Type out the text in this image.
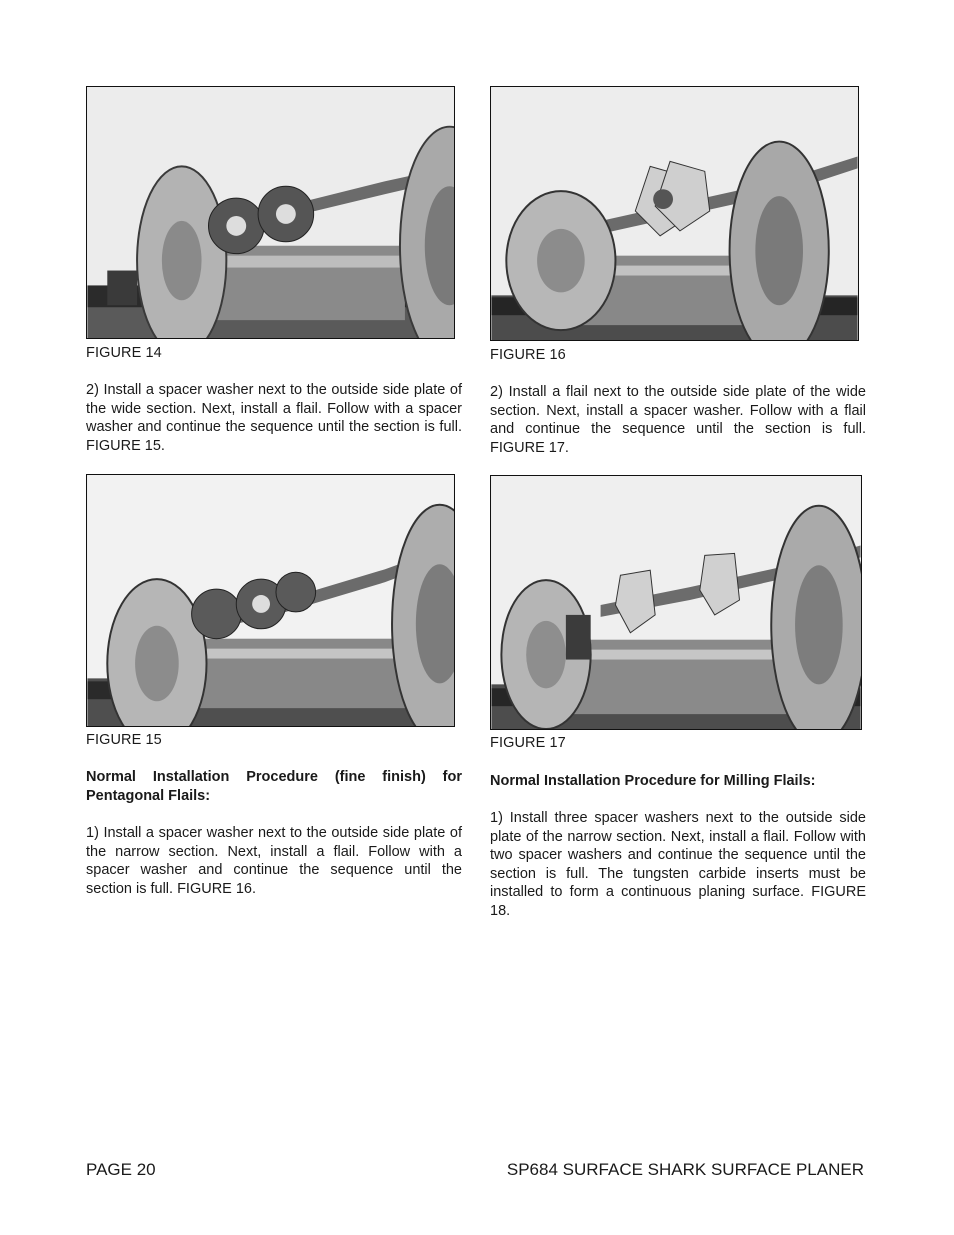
FIGURE 14

2) Install a spacer washer next to the outside side plate of the wide section. Next, install a flail. Follow with a spacer washer and continue the sequence until the section is full. FIGURE 15.

FIGURE 15

Normal Installation Procedure (fine finish) for Pentagonal Flails:

1) Install a spacer washer next to the outside side plate of the narrow section. Next, install a flail. Follow with a spacer washer and continue the sequence until the section is full. FIGURE 16.

FIGURE 16

2) Install a flail next to the outside side plate of the wide section. Next, install a spacer washer. Follow with a flail and continue the sequence until the section is full. FIGURE 17.

FIGURE 17

Normal Installation Procedure for Milling Flails:

1) Install three spacer washers next to the outside side plate of the narrow section. Next, install a flail. Follow with two spacer washers and continue the sequence until the section is full. The tungsten carbide inserts must be installed to form a continuous planing surface. FIGURE 18.

PAGE 20	SP684 SURFACE SHARK SURFACE PLANER
